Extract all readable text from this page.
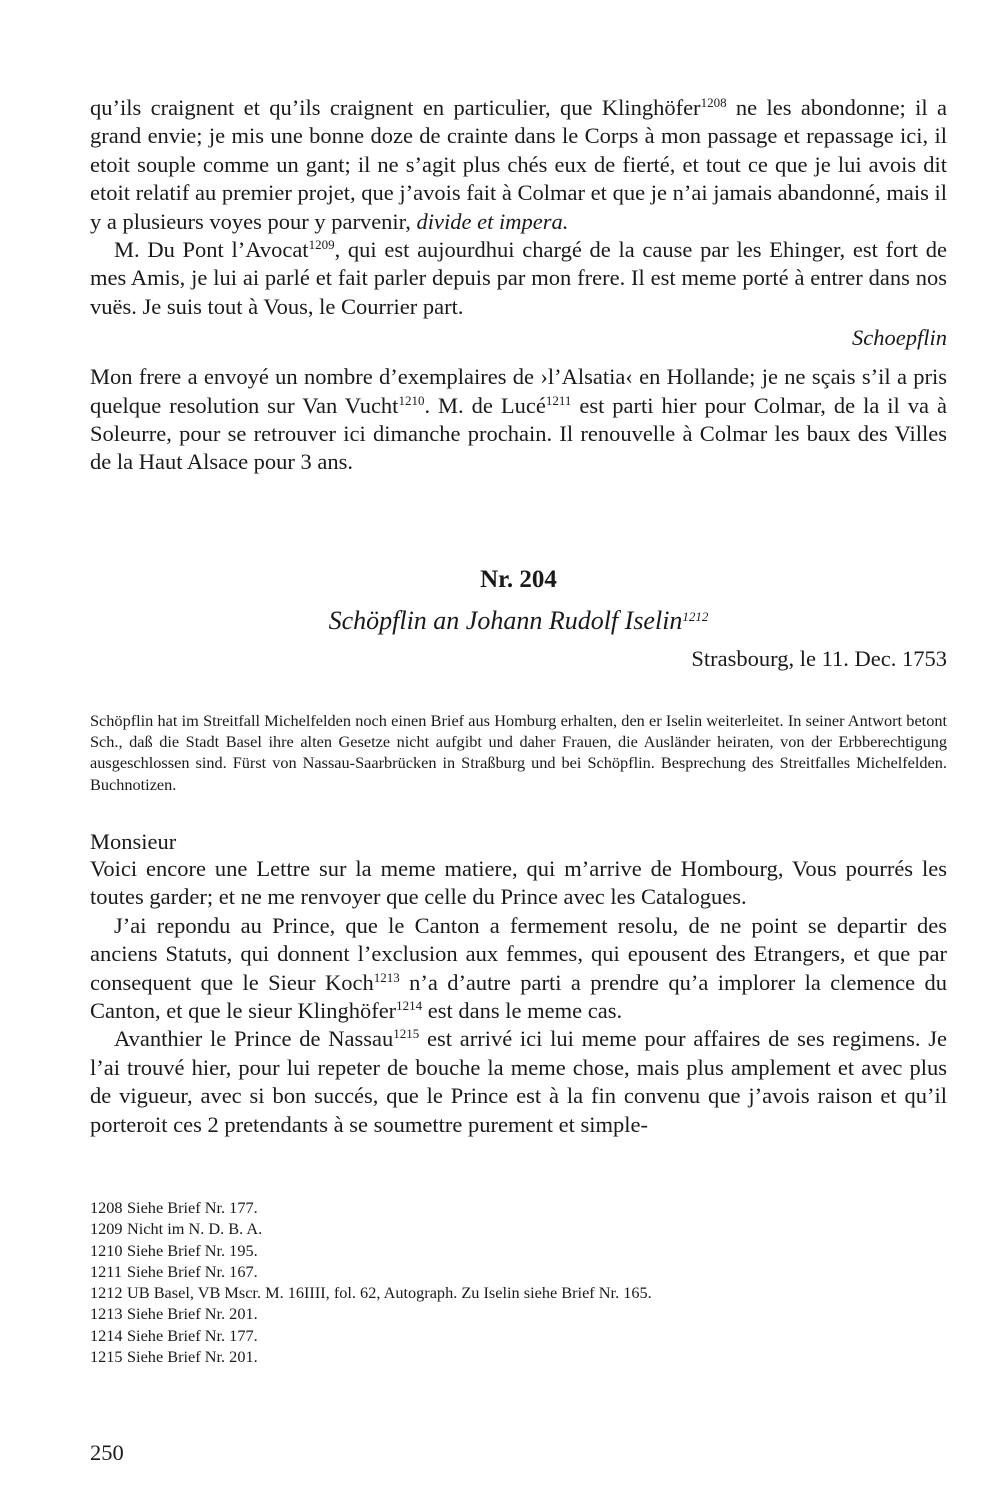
qu’ils craignent et qu’ils craignent en particulier, que Klinghöfer$^{1208}$ ne les abondonne; il a grand envie; je mis une bonne doze de crainte dans le Corps à mon passage et repassage ici, il etoit souple comme un gant; il ne s’agit plus chés eux de fierté, et tout ce que je lui avois dit etoit relatif au premier projet, que j’avois fait à Colmar et que je n’ai jamais abandonné, mais il y a plusieurs voyes pour y parvenir, divide et impera.

M. Du Pont l’Avocat$^{1209}$, qui est aujourdhui chargé de la cause par les Ehinger, est fort de mes Amis, je lui ai parlé et fait parler depuis par mon frere. Il est meme porté à entrer dans nos vuës. Je suis tout à Vous, le Courrier part.

Schoepflin

Mon frere a envoyé un nombre d’exemplaires de ›l’Alsatia‹ en Hollande; je ne sçais s’il a pris quelque resolution sur Van Vucht$^{1210}$. M. de Lucé$^{1211}$ est parti hier pour Colmar, de la il va à Soleurre, pour se retrouver ici dimanche prochain. Il renouvelle à Colmar les baux des Villes de la Haut Alsace pour 3 ans.

Nr. 204

Schöpflin an Johann Rudolf Iselin$^{1212}$

Strasbourg, le 11. Dec. 1753

Schöpflin hat im Streitfall Michelfelden noch einen Brief aus Homburg erhalten, den er Iselin weiterleitet. In seiner Antwort betont Sch., daß die Stadt Basel ihre alten Gesetze nicht aufgibt und daher Frauen, die Ausländer heiraten, von der Erbberechtigung ausgeschlossen sind. Fürst von Nassau-Saarbrücken in Straßburg und bei Schöpflin. Besprechung des Streitfalles Michelfelden. Buchnotizen.

Monsieur

Voici encore une Lettre sur la meme matiere, qui m’arrive de Hombourg, Vous pourrés les toutes garder; et ne me renvoyer que celle du Prince avec les Catalogues.

J’ai repondu au Prince, que le Canton a fermement resolu, de ne point se departir des anciens Statuts, qui donnent l’exclusion aux femmes, qui epousent des Etrangers, et que par consequent que le Sieur Koch$^{1213}$ n’a d’autre parti a prendre qu’a implorer la clemence du Canton, et que le sieur Klinghöfer$^{1214}$ est dans le meme cas.

Avanthier le Prince de Nassau$^{1215}$ est arrivé ici lui meme pour affaires de ses regimens. Je l’ai trouvé hier, pour lui repeter de bouche la meme chose, mais plus amplement et avec plus de vigueur, avec si bon succés, que le Prince est à la fin convenu que j’avois raison et qu’il porteroit ces 2 pretendants à se soumettre purement et simple-

1208 Siehe Brief Nr. 177.

1209 Nicht im N. D. B. A.

1210 Siehe Brief Nr. 195.

1211 Siehe Brief Nr. 167.

1212 UB Basel, VB Mscr. M. 16IIII, fol. 62, Autograph. Zu Iselin siehe Brief Nr. 165.

1213 Siehe Brief Nr. 201.

1214 Siehe Brief Nr. 177.

1215 Siehe Brief Nr. 201.

250
